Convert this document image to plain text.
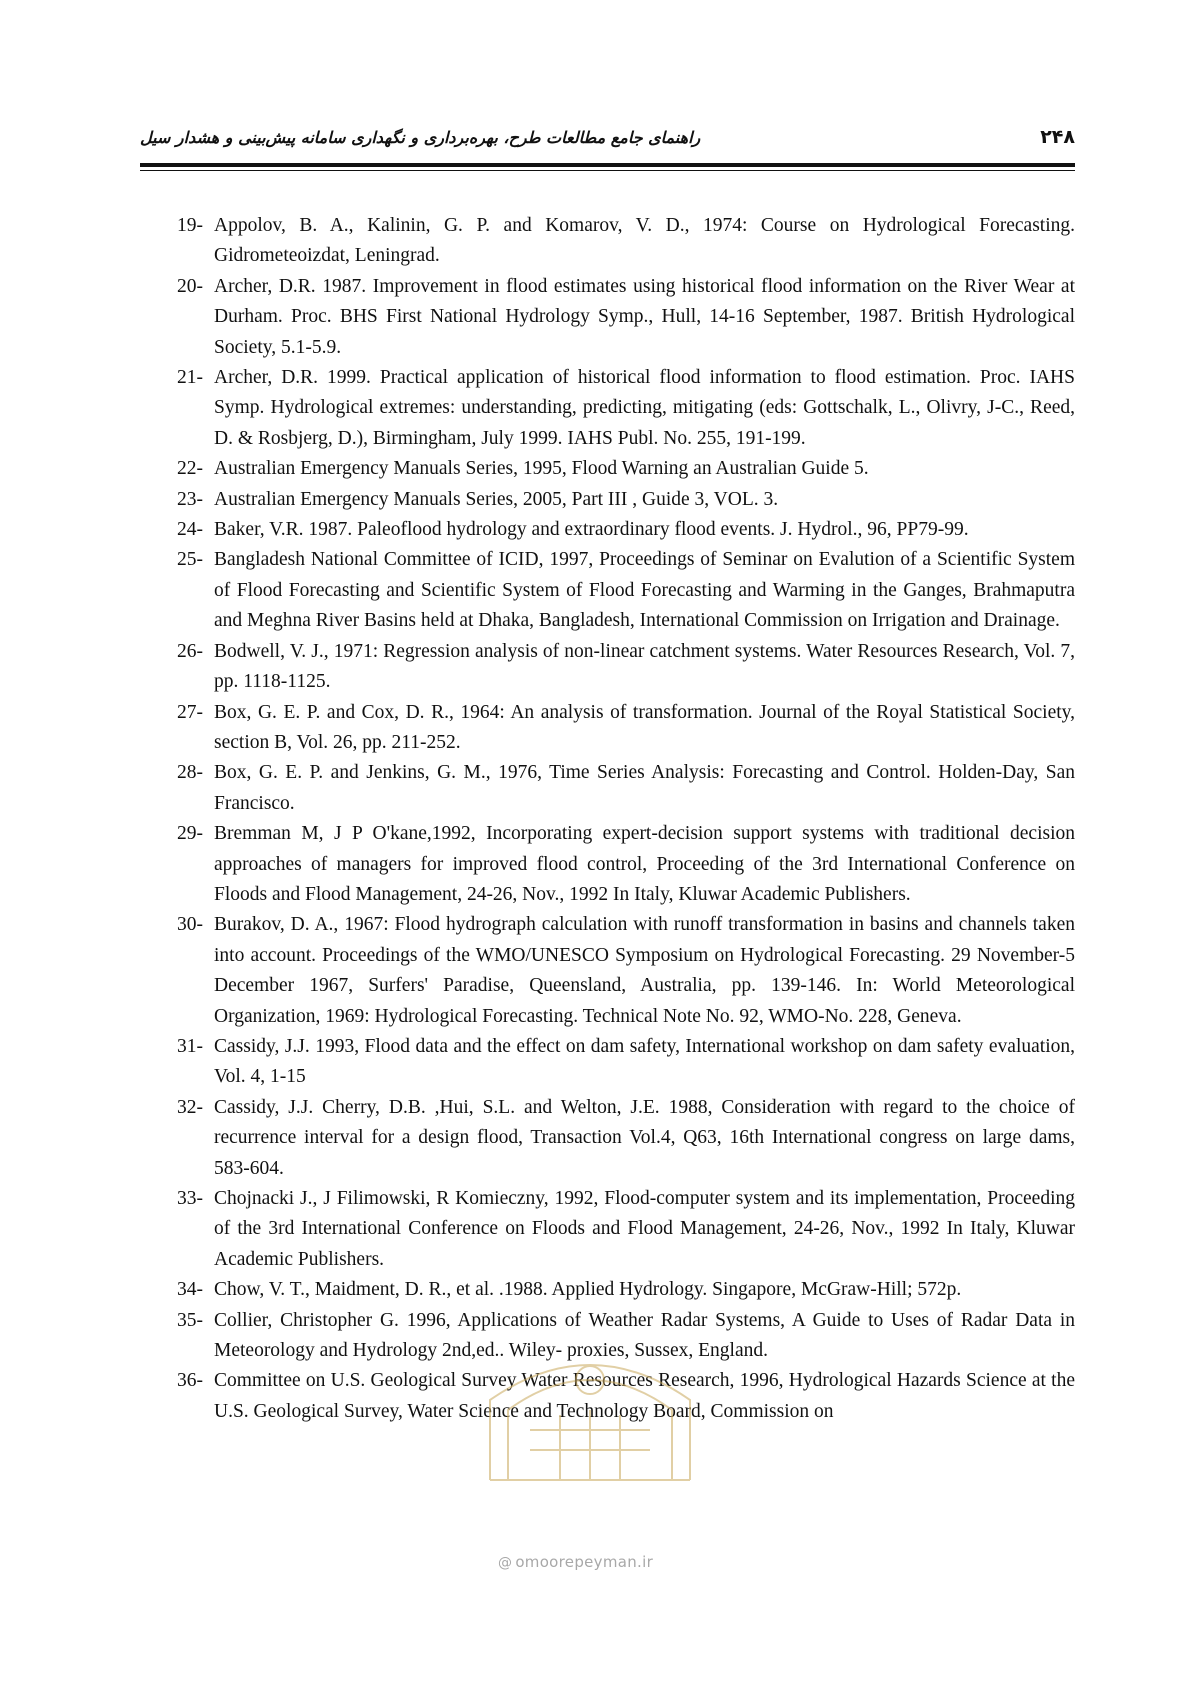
راهنمای جامع مطالعات طرح، بهره‌برداری و نگهداری سامانه پیش‌بینی و هشدار سیل	۲۴۸
19- Appolov, B. A., Kalinin, G. P. and Komarov, V. D., 1974: Course on Hydrological Forecasting. Gidrometeoizdat, Leningrad.
20- Archer, D.R. 1987. Improvement in flood estimates using historical flood information on the River Wear at Durham. Proc. BHS First National Hydrology Symp., Hull, 14-16 September, 1987. British Hydrological Society, 5.1-5.9.
21- Archer, D.R. 1999. Practical application of historical flood information to flood estimation. Proc. IAHS Symp. Hydrological extremes: understanding, predicting, mitigating (eds: Gottschalk, L., Olivry, J-C., Reed, D. & Rosbjerg, D.), Birmingham, July 1999. IAHS Publ. No. 255, 191-199.
22- Australian Emergency Manuals Series, 1995, Flood Warning an Australian Guide 5.
23- Australian Emergency Manuals Series, 2005, Part III , Guide 3, VOL. 3.
24- Baker, V.R. 1987. Paleoflood hydrology and extraordinary flood events. J. Hydrol., 96, PP79-99.
25- Bangladesh National Committee of ICID, 1997, Proceedings of Seminar on Evalution of a Scientific System of Flood Forecasting and Scientific System of Flood Forecasting and Warming in the Ganges, Brahmaputra and Meghna River Basins held at Dhaka, Bangladesh, International Commission on Irrigation and Drainage.
26- Bodwell, V. J., 1971: Regression analysis of non-linear catchment systems. Water Resources Research, Vol. 7, pp. 1118-1125.
27- Box, G. E. P. and Cox, D. R., 1964: An analysis of transformation. Journal of the Royal Statistical Society, section B, Vol. 26, pp. 211-252.
28- Box, G. E. P. and Jenkins, G. M., 1976, Time Series Analysis: Forecasting and Control. Holden-Day, San Francisco.
29- Bremman M, J P O'kane,1992, Incorporating expert-decision support systems with traditional decision approaches of managers for improved flood control, Proceeding of the 3rd International Conference on Floods and Flood Management, 24-26, Nov., 1992 In Italy, Kluwar Academic Publishers.
30- Burakov, D. A., 1967: Flood hydrograph calculation with runoff transformation in basins and channels taken into account. Proceedings of the WMO/UNESCO Symposium on Hydrological Forecasting. 29 November-5 December 1967, Surfers' Paradise, Queensland, Australia, pp. 139-146. In: World Meteorological Organization, 1969: Hydrological Forecasting. Technical Note No. 92, WMO-No. 228, Geneva.
31- Cassidy, J.J. 1993, Flood data and the effect on dam safety, International workshop on dam safety evaluation, Vol. 4, 1-15
32- Cassidy, J.J. Cherry, D.B. ,Hui, S.L. and Welton, J.E. 1988, Consideration with regard to the choice of recurrence interval for a design flood, Transaction Vol.4, Q63, 16th International congress on large dams, 583-604.
33- Chojnacki J., J Filimowski, R Komieczny, 1992, Flood-computer system and its implementation, Proceeding of the 3rd International Conference on Floods and Flood Management, 24-26, Nov., 1992 In Italy, Kluwar Academic Publishers.
34- Chow, V. T., Maidment, D. R., et al. .1988. Applied Hydrology. Singapore, McGraw-Hill; 572p.
35- Collier, Christopher G. 1996, Applications of Weather Radar Systems, A Guide to Uses of Radar Data in Meteorology and Hydrology 2nd,ed.. Wiley- proxies, Sussex, England.
36- Committee on U.S. Geological Survey Water Resources Research, 1996, Hydrological Hazards Science at the U.S. Geological Survey, Water Science and Technology Board, Commission on
@ omoorepeyman.ir
